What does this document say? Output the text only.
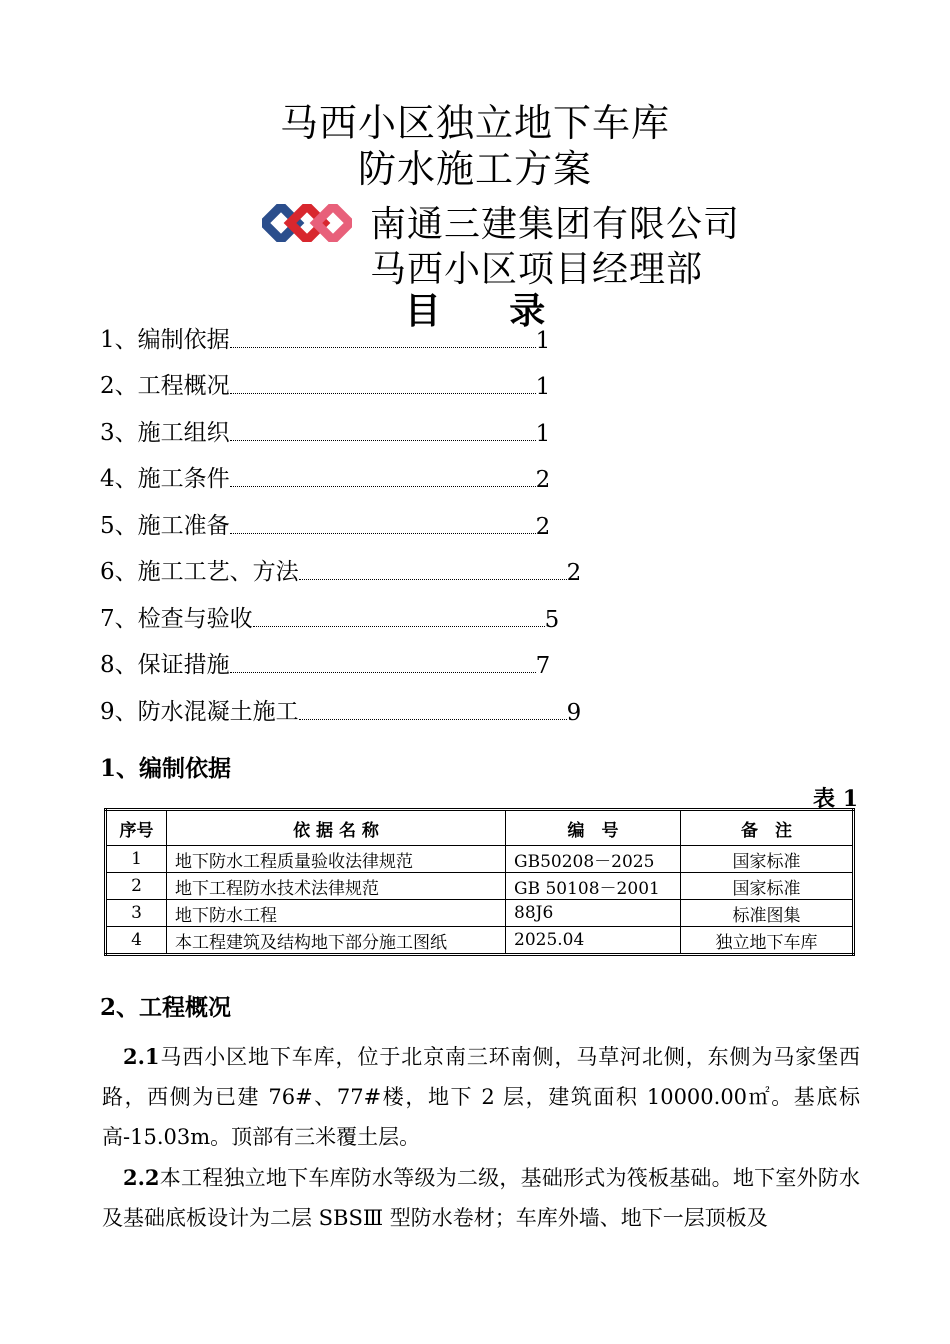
马西小区独立地下车库
防水施工方案
南通三建集团有限公司
马西小区项目经理部
目 录
1、编制依据	1
2、工程概况	1
3、施工组织	1
4、施工条件	2
5、施工准备	2
6、施工工艺、方法	2
7、检查与验收	5
8、保证措施	7
9、防水混凝土施工	9
1、编制依据
表 1
序号	依 据 名 称	编　号	备　注
1	地下防水工程质量验收法律规范	GB50208－2025	国家标准
2	地下工程防水技术法律规范	GB 50108－2001	国家标准
3	地下防水工程	88J6	标准图集
4	本工程建筑及结构地下部分施工图纸	2025.04	独立地下车库
2、工程概况
2.1马西小区地下车库，位于北京南三环南侧，马草河北侧，东侧为马家堡西路，西侧为已建 76#、77#楼，地下 2 层，建筑面积 10000.00㎡。基底标高-15.03m。顶部有三米覆土层。
2.2本工程独立地下车库防水等级为二级，基础形式为筏板基础。地下室外防水及基础底板设计为二层 SBSⅢ 型防水卷材；车库外墙、地下一层顶板及
